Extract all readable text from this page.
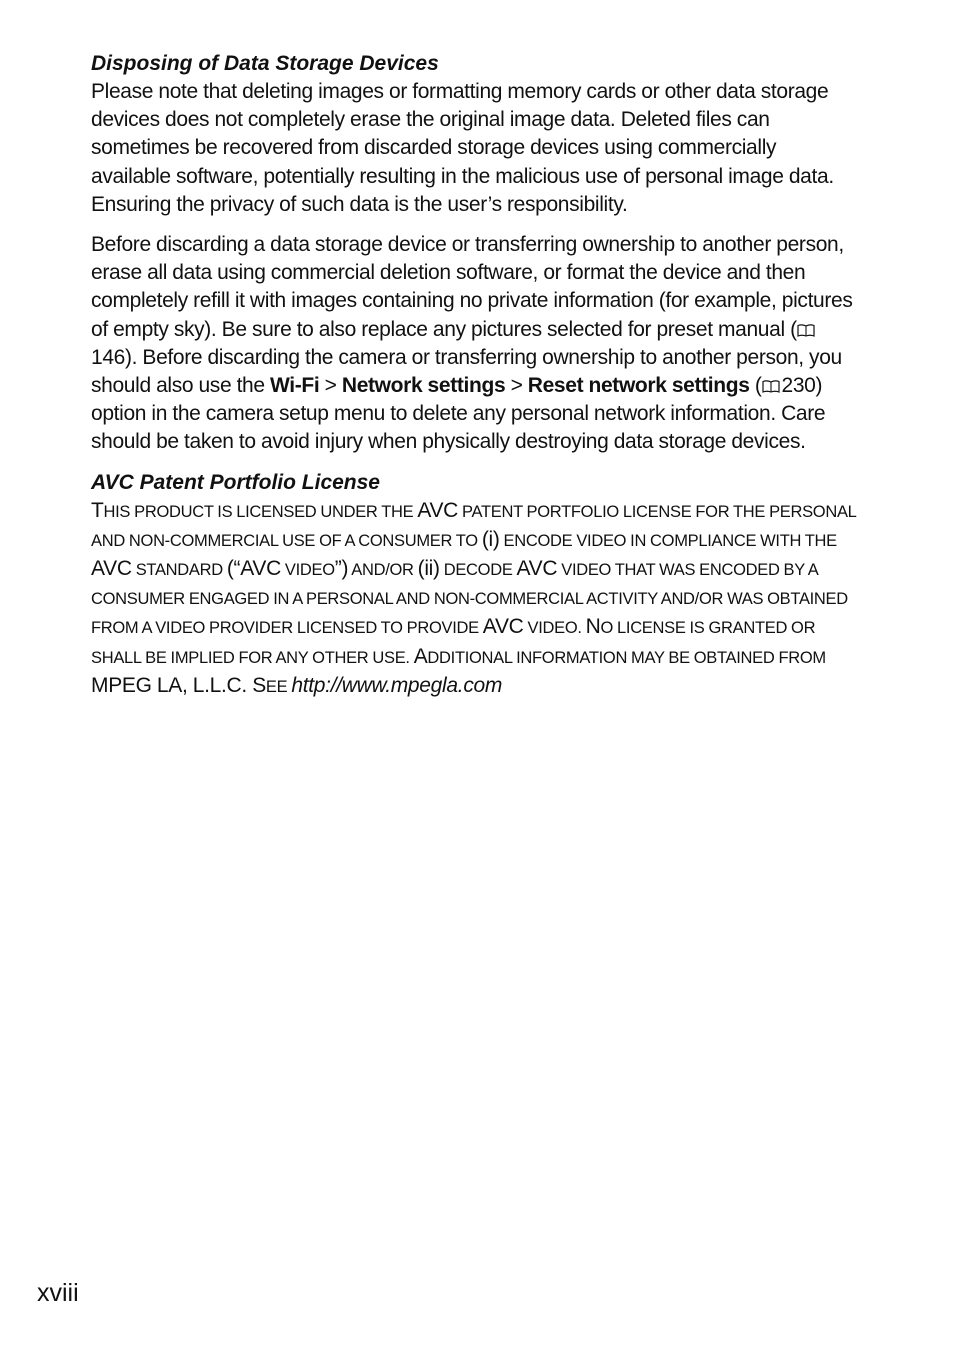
Disposing of Data Storage Devices

Please note that deleting images or formatting memory cards or other data storage devices does not completely erase the original image data. Deleted files can sometimes be recovered from discarded storage devices using commercially available software, potentially resulting in the malicious use of personal image data. Ensuring the privacy of such data is the user’s responsibility.

Before discarding a data storage device or transferring ownership to another person, erase all data using commercial deletion software, or format the device and then completely refill it with images containing no private information (for example, pictures of empty sky). Be sure to also replace any pictures selected for preset manual (146). Before discarding the camera or transferring ownership to another person, you should also use the Wi-Fi > Network settings > Reset network settings ( 230) option in the camera setup menu to delete any personal network information. Care should be taken to avoid injury when physically destroying data storage devices.

AVC Patent Portfolio License

THIS PRODUCT IS LICENSED UNDER THE AVC PATENT PORTFOLIO LICENSE FOR THE PERSONAL AND NON-COMMERCIAL USE OF A CONSUMER TO (i) ENCODE VIDEO IN COMPLIANCE WITH THE AVC STANDARD (“AVC VIDEO”) AND/OR (ii) DECODE AVC VIDEO THAT WAS ENCODED BY A CONSUMER ENGAGED IN A PERSONAL AND NON-COMMERCIAL ACTIVITY AND/OR WAS OBTAINED FROM A VIDEO PROVIDER LICENSED TO PROVIDE AVC VIDEO. NO LICENSE IS GRANTED OR SHALL BE IMPLIED FOR ANY OTHER USE. ADDITIONAL INFORMATION MAY BE OBTAINED FROM MPEG LA, L.L.C. SEE http://www.mpegla.com

xviii
